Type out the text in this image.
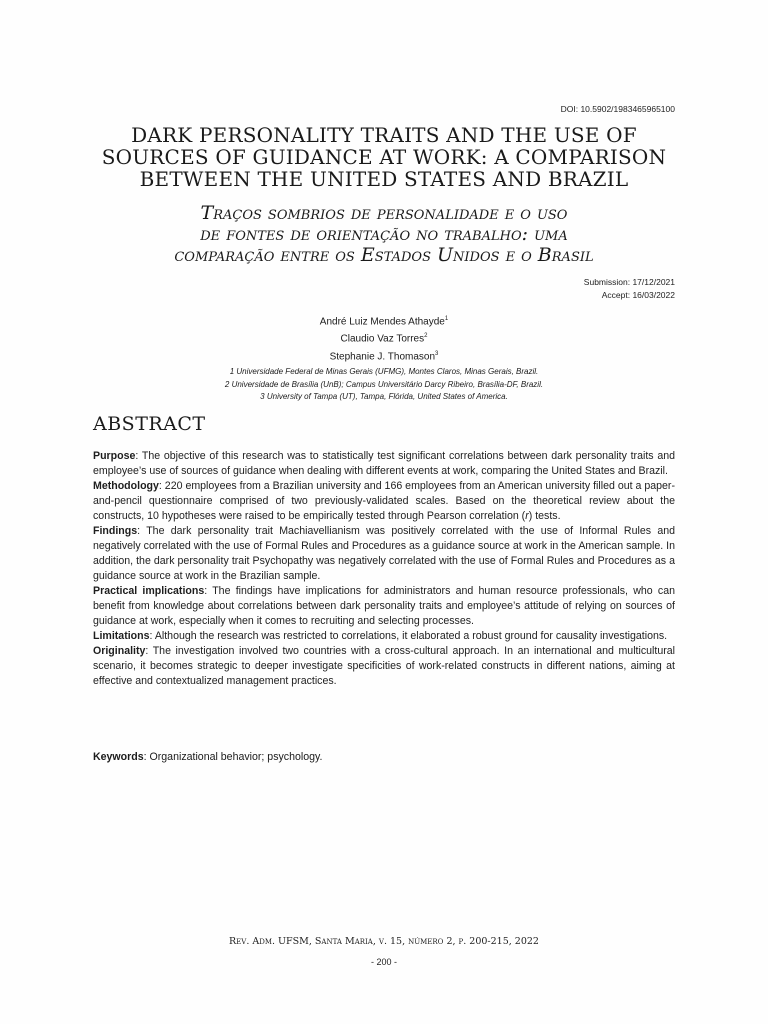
DOI: 10.5902/1983465965100
DARK PERSONALITY TRAITS AND THE USE OF
SOURCES OF GUIDANCE AT WORK: A COMPARISON
BETWEEN THE UNITED STATES AND BRAZIL
Traços sombrios de personalidade e o uso
de fontes de orientação no trabalho: uma
comparação entre os Estados Unidos e o Brasil
Submission: 17/12/2021
Accept: 16/03/2022
André Luiz Mendes Athayde$^1$
Claudio Vaz Torres$^2$
Stephanie J. Thomason$^3$
1 Universidade Federal de Minas Gerais (UFMG), Montes Claros, Minas Gerais, Brazil.
2 Universidade de Brasília (UnB); Campus Universitário Darcy Ribeiro, Brasília-DF, Brazil.
3 University of Tampa (UT), Tampa, Flórida, United States of America.
ABSTRACT

Purpose: The objective of this research was to statistically test significant correlations between dark personality traits and employee’s use of sources of guidance when dealing with different events at work, comparing the United States and Brazil.

Methodology: 220 employees from a Brazilian university and 166 employees from an American university filled out a paper-and-pencil questionnaire comprised of two previously-validated scales. Based on the theoretical review about the constructs, 10 hypotheses were raised to be empirically tested through Pearson correlation (r) tests.

Findings: The dark personality trait Machiavellianism was positively correlated with the use of Informal Rules and negatively correlated with the use of Formal Rules and Procedures as a guidance source at work in the American sample. In addition, the dark personality trait Psychopathy was negatively correlated with the use of Formal Rules and Procedures as a guidance source at work in the Brazilian sample.

Practical implications: The findings have implications for administrators and human resource professionals, who can benefit from knowledge about correlations between dark personality traits and employee’s attitude of relying on sources of guidance at work, especially when it comes to recruiting and selecting processes.

Limitations: Although the research was restricted to correlations, it elaborated a robust ground for causality investigations.

Originality: The investigation involved two countries with a cross-cultural approach. In an international and multicultural scenario, it becomes strategic to deeper investigate specificities of work-related constructs in different nations, aiming at effective and contextualized management practices.

Keywords: Organizational behavior; psychology.
Rev. Adm. UFSM, Santa Maria, v. 15, número 2, p. 200-215, 2022
- 200 -
